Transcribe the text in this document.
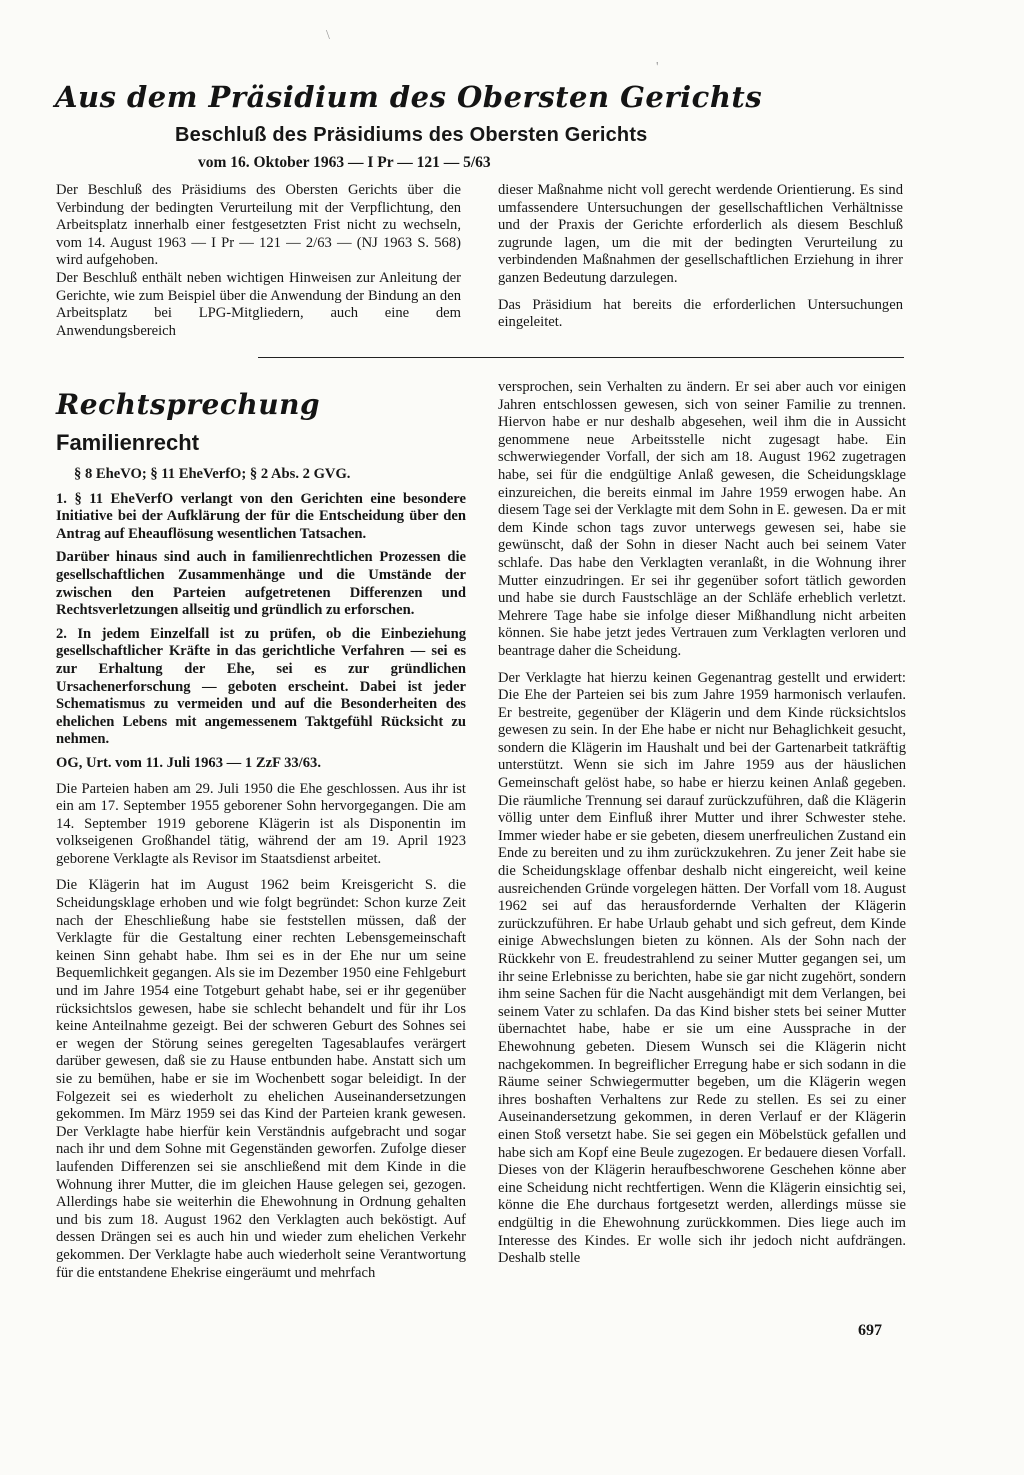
\
'
Aus dem Präsidium des Obersten Gerichts
Beschluß des Präsidiums des Obersten Gerichts
vom 16. Oktober 1963 — I Pr — 121 — 5/63

Der Beschluß des Präsidiums des Obersten Gerichts über die Verbindung der bedingten Verurteilung mit der Verpflichtung, den Arbeitsplatz innerhalb einer festgesetzten Frist nicht zu wechseln, vom 14. August 1963 — I Pr — 121 — 2/63 — (NJ 1963 S. 568) wird aufgehoben.

Der Beschluß enthält neben wichtigen Hinweisen zur Anleitung der Gerichte, wie zum Beispiel über die Anwendung der Bindung an den Arbeitsplatz bei LPG-Mitgliedern, auch eine dem Anwendungsbereich

dieser Maßnahme nicht voll gerecht werdende Orientierung. Es sind umfassendere Untersuchungen der gesellschaftlichen Verhältnisse und der Praxis der Gerichte erforderlich als diesem Beschluß zugrunde lagen, um die mit der bedingten Verurteilung zu verbindenden Maßnahmen der gesellschaftlichen Erziehung in ihrer ganzen Bedeutung darzulegen.

Das Präsidium hat bereits die erforderlichen Untersuchungen eingeleitet.

Rechtsprechung
Familienrecht

§ 8 EheVO; § 11 EheVerfO; § 2 Abs. 2 GVG.

1. § 11 EheVerfO verlangt von den Gerichten eine besondere Initiative bei der Aufklärung der für die Entscheidung über den Antrag auf Eheauflösung wesentlichen Tatsachen.

Darüber hinaus sind auch in familienrechtlichen Prozessen die gesellschaftlichen Zusammenhänge und die Umstände der zwischen den Parteien aufgetretenen Differenzen und Rechtsverletzungen allseitig und gründlich zu erforschen.

2. In jedem Einzelfall ist zu prüfen, ob die Einbeziehung gesellschaftlicher Kräfte in das gerichtliche Verfahren — sei es zur Erhaltung der Ehe, sei es zur gründlichen Ursachenerforschung — geboten erscheint. Dabei ist jeder Schematismus zu vermeiden und auf die Besonderheiten des ehelichen Lebens mit angemessenem Taktgefühl Rücksicht zu nehmen.

OG, Urt. vom 11. Juli 1963 — 1 ZzF 33/63.

Die Parteien haben am 29. Juli 1950 die Ehe geschlossen. Aus ihr ist ein am 17. September 1955 geborener Sohn hervorgegangen. Die am 14. September 1919 geborene Klägerin ist als Disponentin im volkseigenen Großhandel tätig, während der am 19. April 1923 geborene Verklagte als Revisor im Staatsdienst arbeitet.

Die Klägerin hat im August 1962 beim Kreisgericht S. die Scheidungsklage erhoben und wie folgt begründet: Schon kurze Zeit nach der Eheschließung habe sie feststellen müssen, daß der Verklagte für die Gestaltung einer rechten Lebensgemeinschaft keinen Sinn gehabt habe. Ihm sei es in der Ehe nur um seine Bequemlichkeit gegangen. Als sie im Dezember 1950 eine Fehlgeburt und im Jahre 1954 eine Totgeburt gehabt habe, sei er ihr gegenüber rücksichtslos gewesen, habe sie schlecht behandelt und für ihr Los keine Anteilnahme gezeigt. Bei der schweren Geburt des Sohnes sei er wegen der Störung seines geregelten Tagesablaufes verärgert darüber gewesen, daß sie zu Hause entbunden habe. Anstatt sich um sie zu bemühen, habe er sie im Wochenbett sogar beleidigt. In der Folgezeit sei es wiederholt zu ehelichen Auseinandersetzungen gekommen. Im März 1959 sei das Kind der Parteien krank gewesen. Der Verklagte habe hierfür kein Verständnis aufgebracht und sogar nach ihr und dem Sohne mit Gegenständen geworfen. Zufolge dieser laufenden Differenzen sei sie anschließend mit dem Kinde in die Wohnung ihrer Mutter, die im gleichen Hause gelegen sei, gezogen. Allerdings habe sie weiterhin die Ehewohnung in Ordnung gehalten und bis zum 18. August 1962 den Verklagten auch beköstigt. Auf dessen Drängen sei es auch hin und wieder zum ehelichen Verkehr gekommen. Der Verklagte habe auch wiederholt seine Verantwortung für die entstandene Ehekrise eingeräumt und mehrfach

versprochen, sein Verhalten zu ändern. Er sei aber auch vor einigen Jahren entschlossen gewesen, sich von seiner Familie zu trennen. Hiervon habe er nur deshalb abgesehen, weil ihm die in Aussicht genommene neue Arbeitsstelle nicht zugesagt habe. Ein schwerwiegender Vorfall, der sich am 18. August 1962 zugetragen habe, sei für die endgültige Anlaß gewesen, die Scheidungsklage einzureichen, die bereits einmal im Jahre 1959 erwogen habe. An diesem Tage sei der Verklagte mit dem Sohn in E. gewesen. Da er mit dem Kinde schon tags zuvor unterwegs gewesen sei, habe sie gewünscht, daß der Sohn in dieser Nacht auch bei seinem Vater schlafe. Das habe den Verklagten veranlaßt, in die Wohnung ihrer Mutter einzudringen. Er sei ihr gegenüber sofort tätlich geworden und habe sie durch Faustschläge an der Schläfe erheblich verletzt. Mehrere Tage habe sie infolge dieser Mißhandlung nicht arbeiten können. Sie habe jetzt jedes Vertrauen zum Verklagten verloren und beantrage daher die Scheidung.

Der Verklagte hat hierzu keinen Gegenantrag gestellt und erwidert: Die Ehe der Parteien sei bis zum Jahre 1959 harmonisch verlaufen. Er bestreite, gegenüber der Klägerin und dem Kinde rücksichtslos gewesen zu sein. In der Ehe habe er nicht nur Behaglichkeit gesucht, sondern die Klägerin im Haushalt und bei der Gartenarbeit tatkräftig unterstützt. Wenn sie sich im Jahre 1959 aus der häuslichen Gemeinschaft gelöst habe, so habe er hierzu keinen Anlaß gegeben. Die räumliche Trennung sei darauf zurückzuführen, daß die Klägerin völlig unter dem Einfluß ihrer Mutter und ihrer Schwester stehe. Immer wieder habe er sie gebeten, diesem unerfreulichen Zustand ein Ende zu bereiten und zu ihm zurückzukehren. Zu jener Zeit habe sie die Scheidungsklage offenbar deshalb nicht eingereicht, weil keine ausreichenden Gründe vorgelegen hätten. Der Vorfall vom 18. August 1962 sei auf das herausfordernde Verhalten der Klägerin zurückzuführen. Er habe Urlaub gehabt und sich gefreut, dem Kinde einige Abwechslungen bieten zu können. Als der Sohn nach der Rückkehr von E. freudestrahlend zu seiner Mutter gegangen sei, um ihr seine Erlebnisse zu berichten, habe sie gar nicht zugehört, sondern ihm seine Sachen für die Nacht ausgehändigt mit dem Verlangen, bei seinem Vater zu schlafen. Da das Kind bisher stets bei seiner Mutter übernachtet habe, habe er sie um eine Aussprache in der Ehewohnung gebeten. Diesem Wunsch sei die Klägerin nicht nachgekommen. In begreiflicher Erregung habe er sich sodann in die Räume seiner Schwiegermutter begeben, um die Klägerin wegen ihres boshaften Verhaltens zur Rede zu stellen. Es sei zu einer Auseinandersetzung gekommen, in deren Verlauf er der Klägerin einen Stoß versetzt habe. Sie sei gegen ein Möbelstück gefallen und habe sich am Kopf eine Beule zugezogen. Er bedauere diesen Vorfall. Dieses von der Klägerin heraufbeschworene Geschehen könne aber eine Scheidung nicht rechtfertigen. Wenn die Klägerin einsichtig sei, könne die Ehe durchaus fortgesetzt werden, allerdings müsse sie endgültig in die Ehewohnung zurückkommen. Dies liege auch im Interesse des Kindes. Er wolle sich ihr jedoch nicht aufdrängen. Deshalb stelle

697
